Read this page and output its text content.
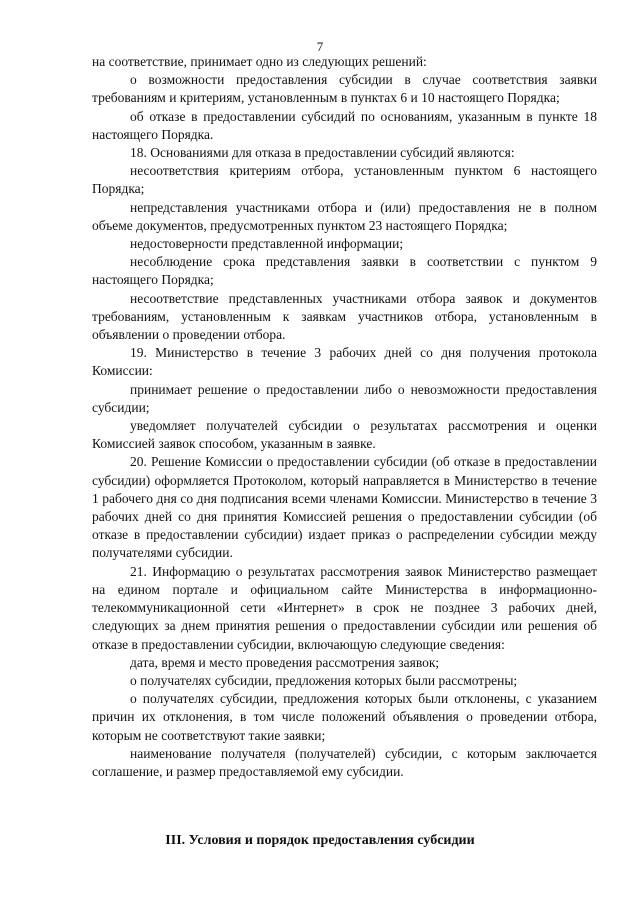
7

на соответствие, принимает одно из следующих решений:

о возможности предоставления субсидии в случае соответствия заявки требованиям и критериям, установленным в пунктах 6 и 10 настоящего Порядка;

об отказе в предоставлении субсидий по основаниям, указанным в пункте 18 настоящего Порядка.

18. Основаниями для отказа в предоставлении субсидий являются:

несоответствия критериям отбора, установленным пунктом 6 настоящего Порядка;

непредставления участниками отбора и (или) предоставления не в полном объеме документов, предусмотренных пунктом 23 настоящего Порядка;

недостоверности представленной информации;

несоблюдение срока представления заявки в соответствии с пунктом 9 настоящего Порядка;

несоответствие представленных участниками отбора заявок и документов требованиям, установленным к заявкам участников отбора, установленным в объявлении о проведении отбора.

19. Министерство в течение 3 рабочих дней со дня получения протокола Комиссии:

принимает решение о предоставлении либо о невозможности предоставления субсидии;

уведомляет получателей субсидии о результатах рассмотрения и оценки Комиссией заявок способом, указанным в заявке.

20. Решение Комиссии о предоставлении субсидии (об отказе в предоставлении субсидии) оформляется Протоколом, который направляется в Министерство в течение 1 рабочего дня со дня подписания всеми членами Комиссии. Министерство в течение 3 рабочих дней со дня принятия Комиссией решения о предоставлении субсидии (об отказе в предоставлении субсидии) издает приказ о распределении субсидии между получателями субсидии.

21. Информацию о результатах рассмотрения заявок Министерство размещает на едином портале и официальном сайте Министерства в информационно-телекоммуникационной сети «Интернет» в срок не позднее 3 рабочих дней, следующих за днем принятия решения о предоставлении субсидии или решения об отказе в предоставлении субсидии, включающую следующие сведения:

дата, время и место проведения рассмотрения заявок;

о получателях субсидии, предложения которых были рассмотрены;

о получателях субсидии, предложения которых были отклонены, с указанием причин их отклонения, в том числе положений объявления о проведении отбора, которым не соответствуют такие заявки;

наименование получателя (получателей) субсидии, с которым заключается соглашение, и размер предоставляемой ему субсидии.

III. Условия и порядок предоставления субсидии
